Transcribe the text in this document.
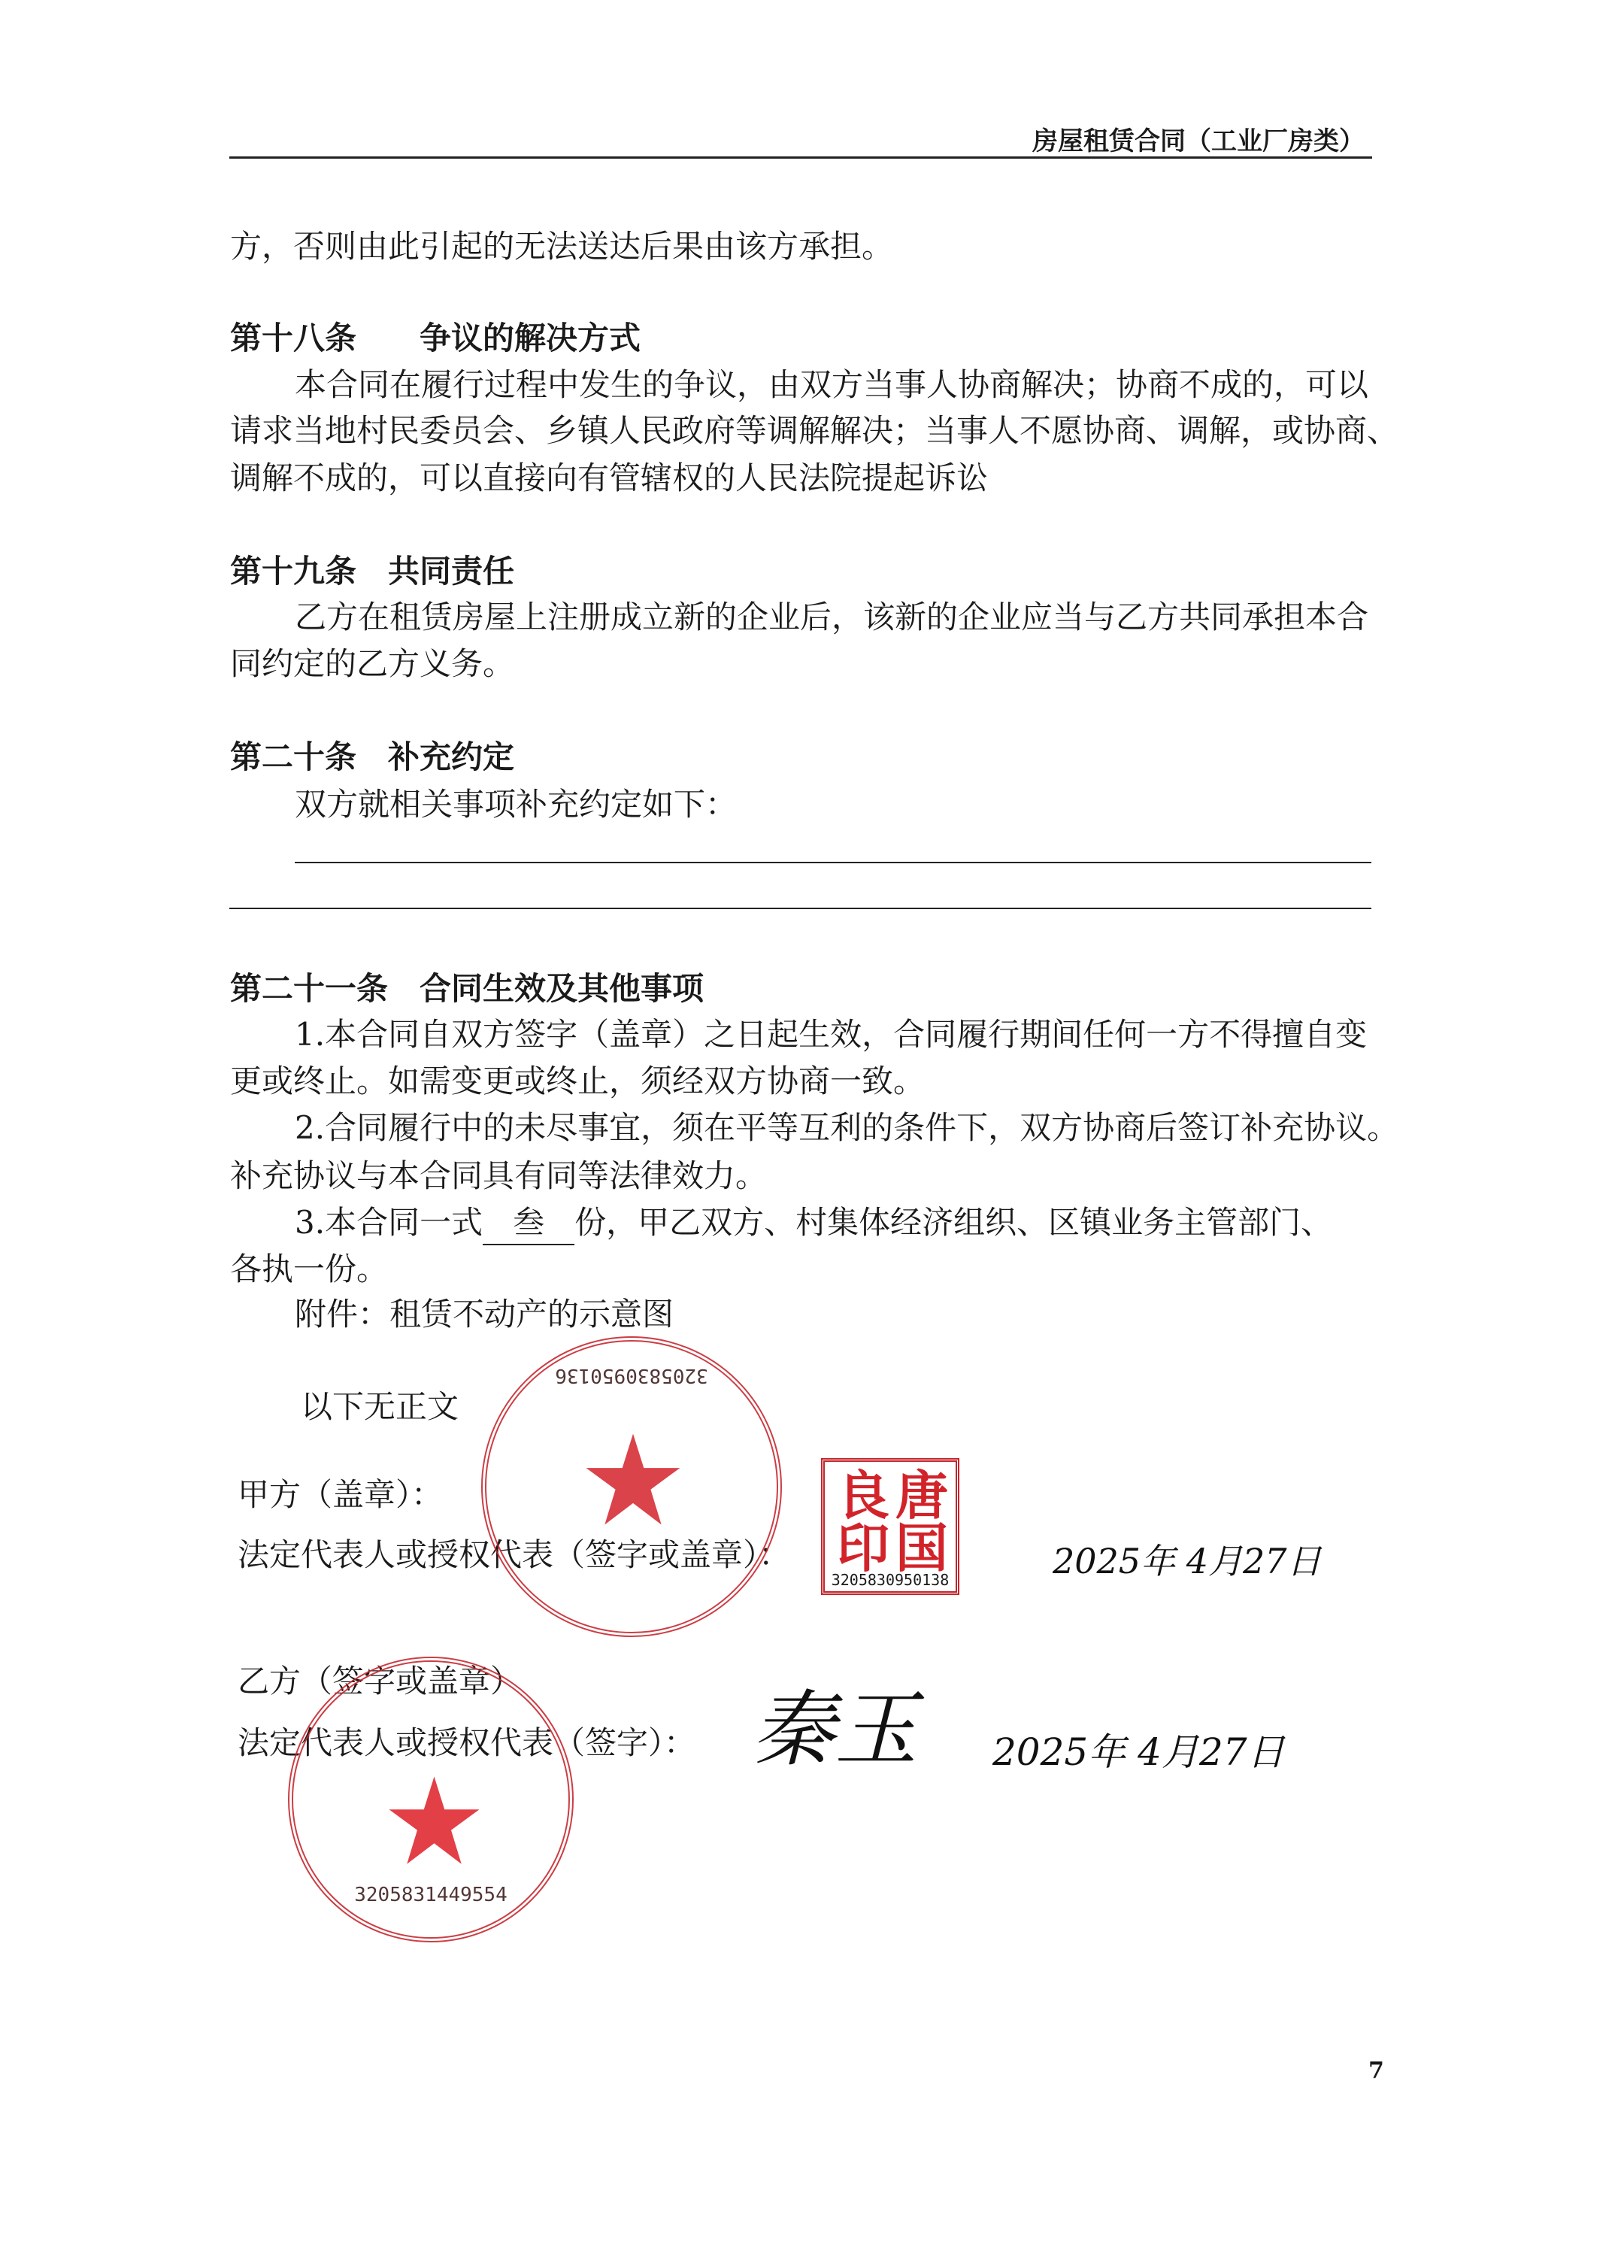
房屋租赁合同（工业厂房类）
方，否则由此引起的无法送达后果由该方承担。
第十八条　　争议的解决方式
本合同在履行过程中发生的争议，由双方当事人协商解决；协商不成的，可以
请求当地村民委员会、乡镇人民政府等调解解决；当事人不愿协商、调解，或协商、
调解不成的，可以直接向有管辖权的人民法院提起诉讼
第十九条　共同责任
乙方在租赁房屋上注册成立新的企业后，该新的企业应当与乙方共同承担本合
同约定的乙方义务。
第二十条　补充约定
双方就相关事项补充约定如下：
第二十一条　合同生效及其他事项
1.本合同自双方签字（盖章）之日起生效，合同履行期间任何一方不得擅自变
更或终止。如需变更或终止，须经双方协商一致。
2.合同履行中的未尽事宜，须在平等互利的条件下，双方协商后签订补充协议。
补充协议与本合同具有同等法律效力。
3.本合同一式 叁 份，甲乙双方、村集体经济组织、区镇业务主管部门、
各执一份。
附件：租赁不动产的示意图
以下无正文
甲方（盖章）：
法定代表人或授权代表（签字或盖章）：	2025年 4月27日
乙方（签字或盖章）
法定代表人或授权代表（签字）： 秦玉 2025年 4月27日
3205830950136
唐
国
良
印
3205830950138
3205831449554
7
